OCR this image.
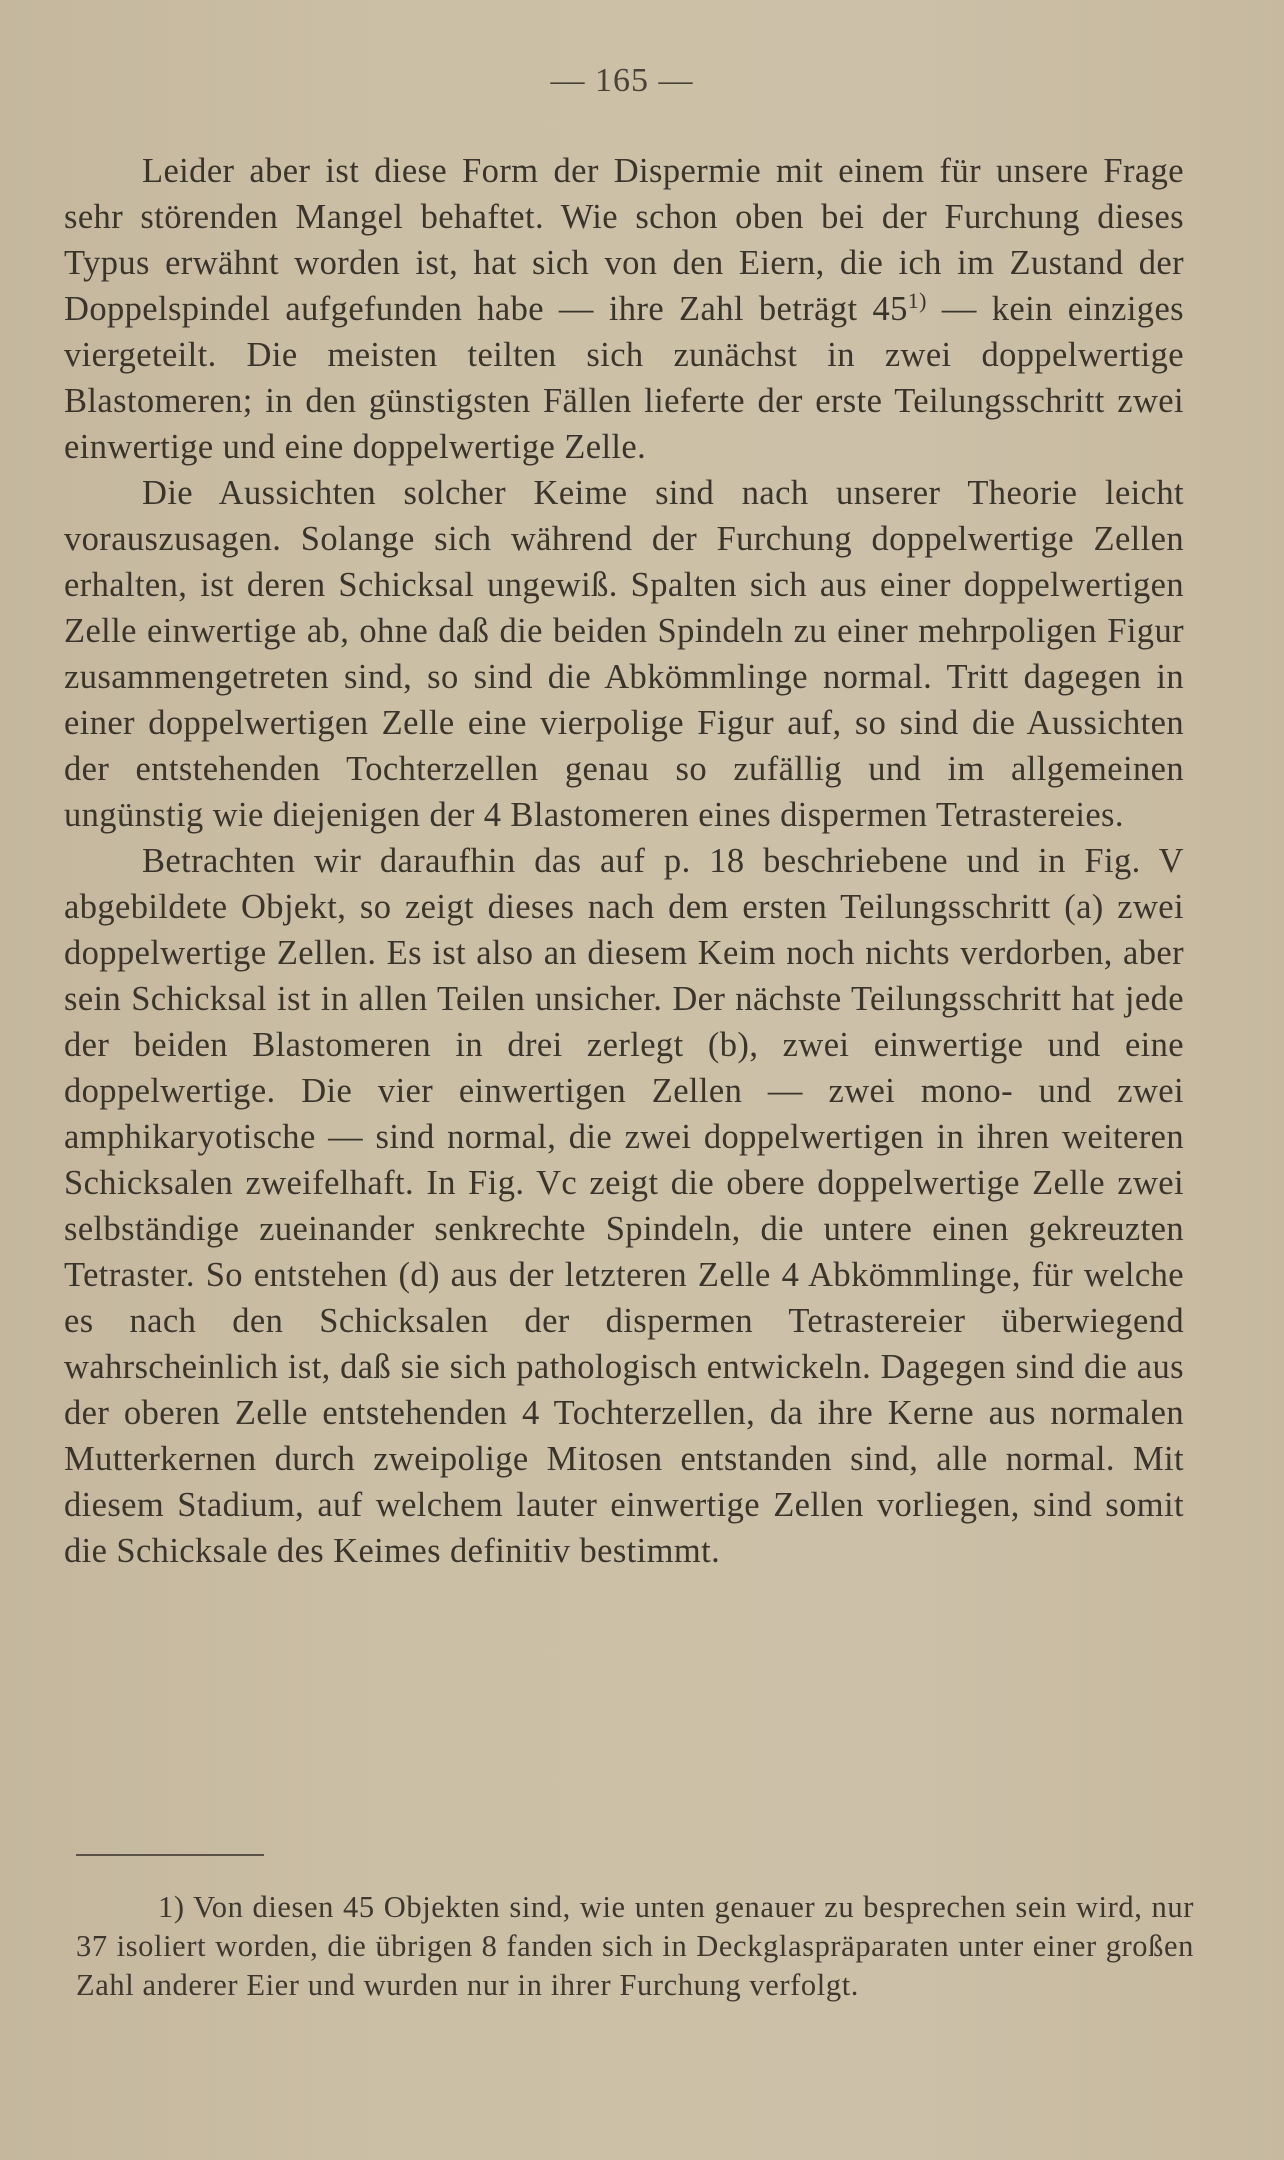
— 165 —

Leider aber ist diese Form der Dispermie mit einem für unsere Frage sehr störenden Mangel behaftet. Wie schon oben bei der Furchung dieses Typus erwähnt worden ist, hat sich von den Eiern, die ich im Zustand der Doppelspindel aufgefunden habe — ihre Zahl beträgt 45$^{1)}$ — kein einziges viergeteilt. Die meisten teilten sich zunächst in zwei doppelwertige Blastomeren; in den günstigsten Fällen lieferte der erste Teilungsschritt zwei einwertige und eine doppelwertige Zelle.

Die Aussichten solcher Keime sind nach unserer Theorie leicht vorauszusagen. Solange sich während der Furchung doppelwertige Zellen erhalten, ist deren Schicksal ungewiß. Spalten sich aus einer doppelwertigen Zelle einwertige ab, ohne daß die beiden Spindeln zu einer mehrpoligen Figur zusammengetreten sind, so sind die Abkömmlinge normal. Tritt dagegen in einer doppelwertigen Zelle eine vierpolige Figur auf, so sind die Aussichten der entstehenden Tochterzellen genau so zufällig und im allgemeinen ungünstig wie diejenigen der 4 Blastomeren eines dispermen Tetrastereies.

Betrachten wir daraufhin das auf p. 18 beschriebene und in Fig. V abgebildete Objekt, so zeigt dieses nach dem ersten Teilungsschritt (a) zwei doppelwertige Zellen. Es ist also an diesem Keim noch nichts verdorben, aber sein Schicksal ist in allen Teilen unsicher. Der nächste Teilungsschritt hat jede der beiden Blastomeren in drei zerlegt (b), zwei einwertige und eine doppelwertige. Die vier einwertigen Zellen — zwei mono- und zwei amphikaryotische — sind normal, die zwei doppelwertigen in ihren weiteren Schicksalen zweifelhaft. In Fig. Vc zeigt die obere doppelwertige Zelle zwei selbständige zueinander senkrechte Spindeln, die untere einen gekreuzten Tetraster. So entstehen (d) aus der letzteren Zelle 4 Abkömmlinge, für welche es nach den Schicksalen der dispermen Tetrastereier überwiegend wahrscheinlich ist, daß sie sich pathologisch entwickeln. Dagegen sind die aus der oberen Zelle entstehenden 4 Tochterzellen, da ihre Kerne aus normalen Mutterkernen durch zweipolige Mitosen entstanden sind, alle normal. Mit diesem Stadium, auf welchem lauter einwertige Zellen vorliegen, sind somit die Schicksale des Keimes definitiv bestimmt.

1) Von diesen 45 Objekten sind, wie unten genauer zu besprechen sein wird, nur 37 isoliert worden, die übrigen 8 fanden sich in Deckglaspräparaten unter einer großen Zahl anderer Eier und wurden nur in ihrer Furchung verfolgt.
